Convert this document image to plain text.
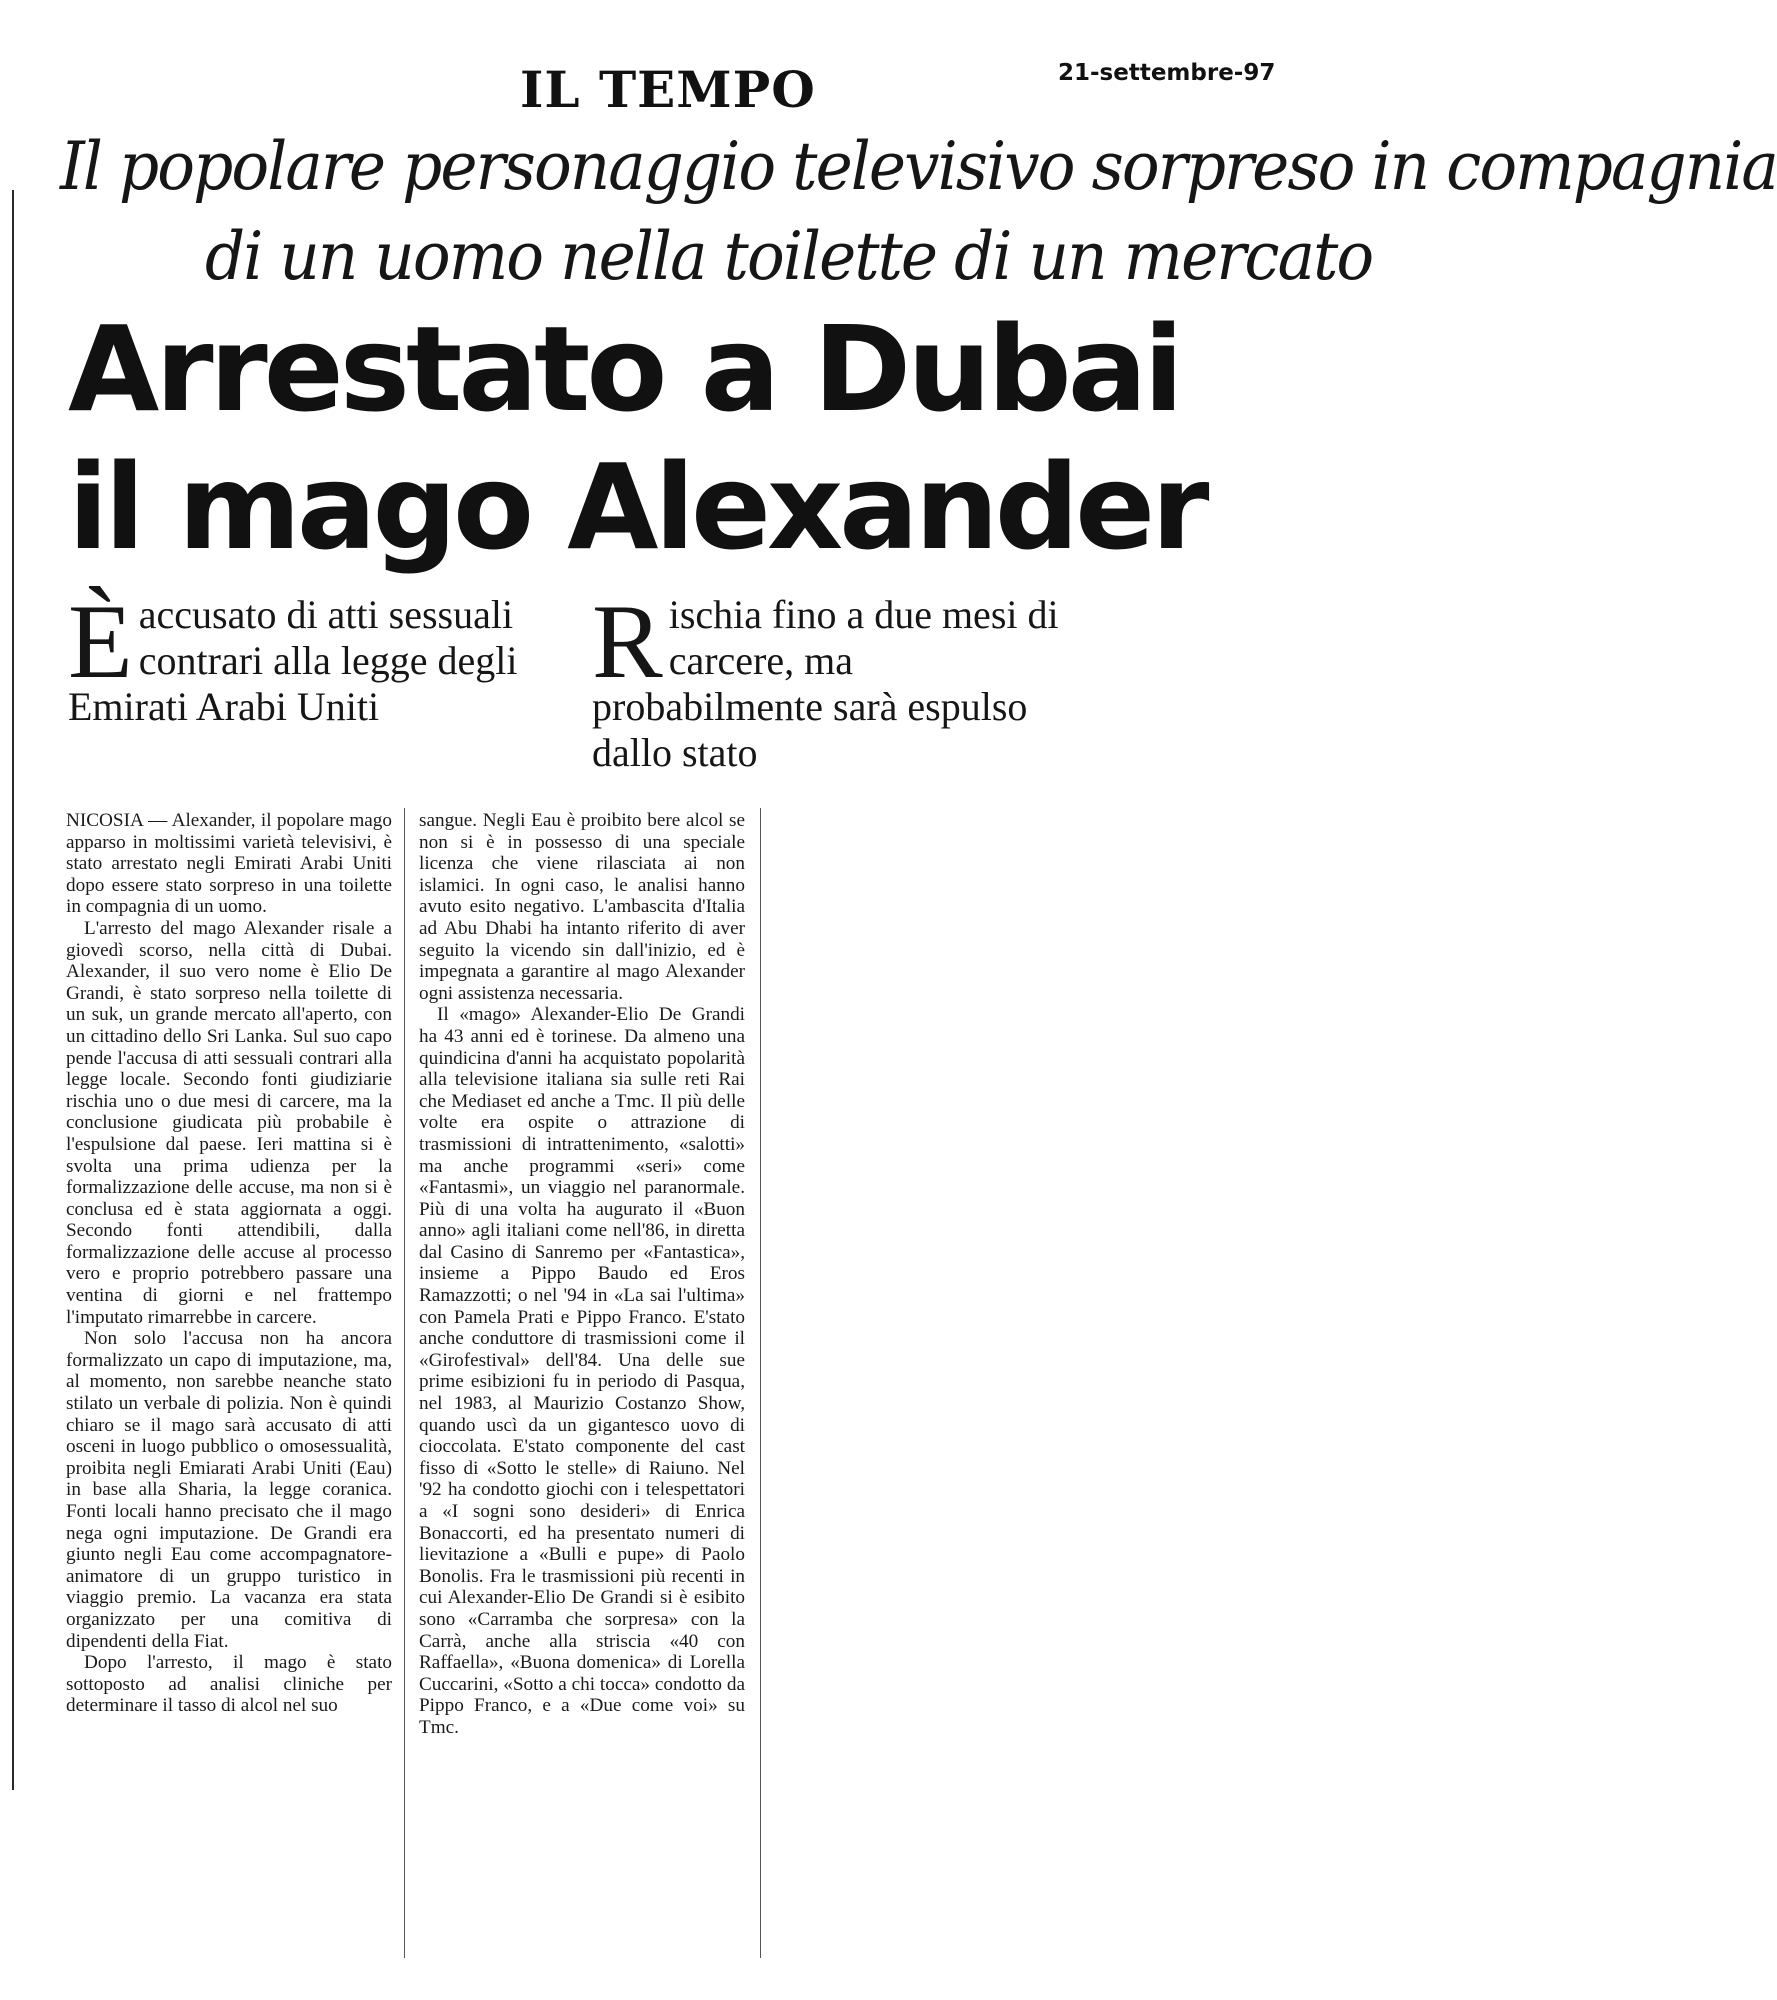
IL TEMPO	21-settembre-97
Il popolare personaggio televisivo sorpreso in compagnia
di un uomo nella toilette di un mercato
Arrestato a Dubai
il mago Alexander
È accusato di atti sessuali contrari alla legge degli Emirati Arabi Uniti
R ischia fino a due mesi di carcere, ma probabilmente sarà espulso dallo stato

NICOSIA — Alexander, il popolare mago apparso in moltissimi varietà televisivi, è stato arrestato negli Emirati Arabi Uniti dopo essere stato sorpreso in una toilette in compagnia di un uomo.

L'arresto del mago Alexander risale a giovedì scorso, nella città di Dubai. Alexander, il suo vero nome è Elio De Grandi, è stato sorpreso nella toilette di un suk, un grande mercato all'aperto, con un cittadino dello Sri Lanka. Sul suo capo pende l'accusa di atti sessuali contrari alla legge locale. Secondo fonti giudiziarie rischia uno o due mesi di carcere, ma la conclusione giudicata più probabile è l'espulsione dal paese. Ieri mattina si è svolta una prima udienza per la formalizzazione delle accuse, ma non si è conclusa ed è stata aggiornata a oggi. Secondo fonti attendibili, dalla formalizzazione delle accuse al processo vero e proprio potrebbero passare una ventina di giorni e nel frattempo l'imputato rimarrebbe in carcere.

Non solo l'accusa non ha ancora formalizzato un capo di imputazione, ma, al momento, non sarebbe neanche stato stilato un verbale di polizia. Non è quindi chiaro se il mago sarà accusato di atti osceni in luogo pubblico o omosessualità, proibita negli Emiarati Arabi Uniti (Eau) in base alla Sharia, la legge coranica. Fonti locali hanno precisato che il mago nega ogni imputazione. De Grandi era giunto negli Eau come accompagnatore-animatore di un gruppo turistico in viaggio premio. La vacanza era stata organizzato per una comitiva di dipendenti della Fiat.

Dopo l'arresto, il mago è stato sottoposto ad analisi cliniche per determinare il tasso di alcol nel suo

sangue. Negli Eau è proibito bere alcol se non si è in possesso di una speciale licenza che viene rilasciata ai non islamici. In ogni caso, le analisi hanno avuto esito negativo. L'ambascita d'Italia ad Abu Dhabi ha intanto riferito di aver seguito la vicendo sin dall'inizio, ed è impegnata a garantire al mago Alexander ogni assistenza necessaria.

Il «mago» Alexander-Elio De Grandi ha 43 anni ed è torinese. Da almeno una quindicina d'anni ha acquistato popolarità alla televisione italiana sia sulle reti Rai che Mediaset ed anche a Tmc. Il più delle volte era ospite o attrazione di trasmissioni di intrattenimento, «salotti» ma anche programmi «seri» come «Fantasmi», un viaggio nel paranormale. Più di una volta ha augurato il «Buon anno» agli italiani come nell'86, in diretta dal Casino di Sanremo per «Fantastica», insieme a Pippo Baudo ed Eros Ramazzotti; o nel '94 in «La sai l'ultima» con Pamela Prati e Pippo Franco. E'stato anche conduttore di trasmissioni come il «Girofestival» dell'84. Una delle sue prime esibizioni fu in periodo di Pasqua, nel 1983, al Maurizio Costanzo Show, quando uscì da un gigantesco uovo di cioccolata. E'stato componente del cast fisso di «Sotto le stelle» di Raiuno. Nel '92 ha condotto giochi con i telespettatori a «I sogni sono desideri» di Enrica Bonaccorti, ed ha presentato numeri di lievitazione a «Bulli e pupe» di Paolo Bonolis. Fra le trasmissioni più recenti in cui Alexander-Elio De Grandi si è esibito sono «Carramba che sorpresa» con la Carrà, anche alla striscia «40 con Raffaella», «Buona domenica» di Lorella Cuccarini, «Sotto a chi tocca» condotto da Pippo Franco, e a «Due come voi» su Tmc.
